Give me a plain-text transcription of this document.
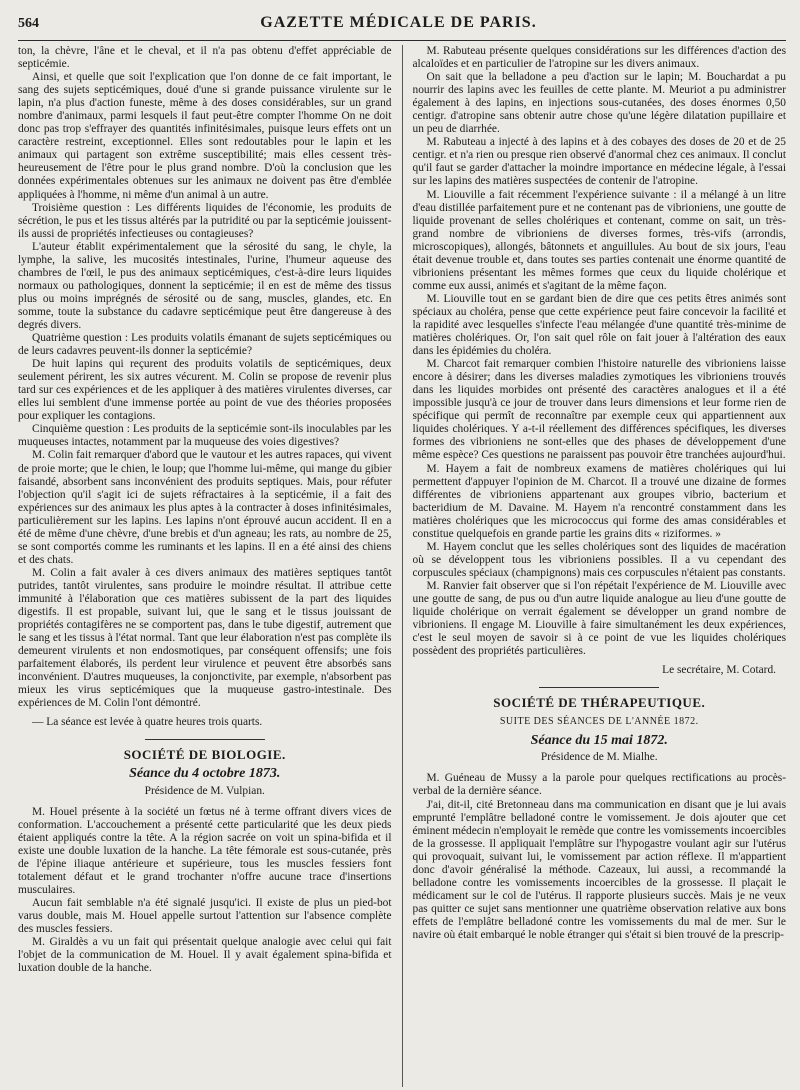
564	GAZETTE MÉDICALE DE PARIS.

ton, la chèvre, l'âne et le cheval, et il n'a pas obtenu d'effet appréciable de septicémie.

Ainsi, et quelle que soit l'explication que l'on donne de ce fait important, le sang des sujets septicémiques, doué d'une si grande puissance virulente sur le lapin, n'a plus d'action funeste, même à des doses considérables, sur un grand nombre d'animaux, parmi lesquels il faut peut-être compter l'homme On ne doit donc pas trop s'effrayer des quantités infinitésimales, puisque leurs effets ont un caractère restreint, exceptionnel. Elles sont redoutables pour le lapin et les animaux qui partagent son extrême susceptibilité; mais elles cessent très-heureusement de l'être pour le plus grand nombre. D'où la conclusion que les données expérimentales obtenues sur les animaux ne doivent pas être d'emblée appliquées à l'homme, ni même d'un animal à un autre.

Troisième question : Les différents liquides de l'économie, les produits de sécrétion, le pus et les tissus altérés par la putridité ou par la septicémie jouissent-ils aussi de propriétés infectieuses ou contagieuses?

L'auteur établit expérimentalement que la sérosité du sang, le chyle, la lymphe, la salive, les mucosités intestinales, l'urine, l'humeur aqueuse des chambres de l'œil, le pus des animaux septicémiques, c'est-à-dire leurs liquides normaux ou pathologiques, donnent la septicémie; il en est de même des tissus plus ou moins imprégnés de sérosité ou de sang, muscles, glandes, etc. En somme, toute la substance du cadavre septicémique peut être dangereuse à des degrés divers.

Quatrième question : Les produits volatils émanant de sujets septicémiques ou de leurs cadavres peuvent-ils donner la septicémie?

De huit lapins qui reçurent des produits volatils de septicémiques, deux seulement périrent, les six autres vécurent. M. Colin se propose de revenir plus tard sur ces expériences et de les appliquer à des matières virulentes diverses, car elles lui semblent d'une immense portée au point de vue des théories proposées pour expliquer les contagions.

Cinquième question : Les produits de la septicémie sont-ils inoculables par les muqueuses intactes, notamment par la muqueuse des voies digestives?

M. Colin fait remarquer d'abord que le vautour et les autres rapaces, qui vivent de proie morte; que le chien, le loup; que l'homme lui-même, qui mange du gibier faisandé, absorbent sans inconvénient des produits septiques. Mais, pour réfuter l'objection qu'il s'agit ici de sujets réfractaires à la septicémie, il a fait des expériences sur des animaux les plus aptes à la contracter à doses infinitésimales, particulièrement sur les lapins. Les lapins n'ont éprouvé aucun accident. Il en a été de même d'une chèvre, d'une brebis et d'un agneau; les rats, au nombre de 25, se sont comportés comme les ruminants et les lapins. Il en a été ainsi des chiens et des chats.

M. Colin a fait avaler à ces divers animaux des matières septiques tantôt putrides, tantôt virulentes, sans produire le moindre résultat. Il attribue cette immunité à l'élaboration que ces matières subissent de la part des liquides digestifs. Il est propable, suivant lui, que le sang et le tissus jouissant de propriétés contagifères ne se comportent pas, dans le tube digestif, autrement que le sang et les tissus à l'état normal. Tant que leur élaboration n'est pas complète ils demeurent virulents et non endosmotiques, par conséquent offensifs; une fois parfaitement élaborés, ils perdent leur virulence et peuvent être absorbés sans inconvénient. D'autres muqueuses, la conjonctivite, par exemple, n'absorbent pas mieux les virus septicémiques que la muqueuse gastro-intestinale. Des expériences de M. Colin l'ont démontré.

— La séance est levée à quatre heures trois quarts.

SOCIÉTÉ DE BIOLOGIE.
Séance du 4 octobre 1873.
Présidence de M. Vulpian.

M. Houel présente à la société un fœtus né à terme offrant divers vices de conformation. L'accouchement a présenté cette particularité que les deux pieds étaient appliqués contre la tête. A la région sacrée on voit un spina-bifida et il existe une double luxation de la hanche. La tête fémorale est sous-cutanée, près de l'épine iliaque antérieure et supérieure, tous les muscles fessiers font totalement défaut et le grand trochanter n'offre aucune trace d'insertions musculaires.

Aucun fait semblable n'a été signalé jusqu'ici. Il existe de plus un pied-bot varus double, mais M. Houel appelle surtout l'attention sur l'absence complète des muscles fessiers.

M. Giraldès a vu un fait qui présentait quelque analogie avec celui qui fait l'objet de la communication de M. Houel. Il y avait également spina-bifida et luxation double de la hanche.

M. Rabuteau présente quelques considérations sur les différences d'action des alcaloïdes et en particulier de l'atropine sur les divers animaux.

On sait que la belladone a peu d'action sur le lapin; M. Bouchardat a pu nourrir des lapins avec les feuilles de cette plante. M. Meuriot a pu administrer également à des lapins, en injections sous-cutanées, des doses énormes 0,50 centigr. d'atropine sans obtenir autre chose qu'une légère dilatation pupillaire et un peu de diarrhée.

M. Rabuteau a injecté à des lapins et à des cobayes des doses de 20 et de 25 centigr. et n'a rien ou presque rien observé d'anormal chez ces animaux. Il conclut qu'il faut se garder d'attacher la moindre importance en médecine légale, à l'essai sur les lapins des matières suspectées de contenir de l'atropine.

M. Liouville a fait récemment l'expérience suivante : il a mélangé à un litre d'eau distillée parfaitement pure et ne contenant pas de vibrioniens, une goutte de liquide provenant de selles cholériques et contenant, comme on sait, un très-grand nombre de vibrioniens de diverses formes, très-vifs (arrondis, microscopiques), allongés, bâtonnets et anguillules. Au bout de six jours, l'eau était devenue trouble et, dans toutes ses parties contenait une énorme quantité de vibrioniens présentant les mêmes formes que ceux du liquide cholérique et comme eux aussi, animés et s'agitant de la même façon.

M. Liouville tout en se gardant bien de dire que ces petits êtres animés sont spéciaux au choléra, pense que cette expérience peut faire concevoir la facilité et la rapidité avec lesquelles s'infecte l'eau mélangée d'une quantité très-minime de matières cholériques. Or, l'on sait quel rôle on fait jouer à l'altération des eaux dans les épidémies du choléra.

M. Charcot fait remarquer combien l'histoire naturelle des vibrioniens laisse encore à désirer; dans les diverses maladies zymotiques les vibrioniens trouvés dans les liquides morbides ont présenté des caractères analogues et il a été impossible jusqu'à ce jour de trouver dans leurs dimensions et leur forme rien de spécifique qui permît de reconnaître par exemple ceux qui appartiennent aux liquides cholériques. Y a-t-il réellement des différences spécifiques, les diverses formes des vibrioniens ne sont-elles que des phases de développement d'une même espèce? Ces questions ne paraissent pas pouvoir être tranchées aujourd'hui.

M. Hayem a fait de nombreux examens de matières cholériques qui lui permettent d'appuyer l'opinion de M. Charcot. Il a trouvé une dizaine de formes différentes de vibrioniens appartenant aux groupes vibrio, bacterium et bacteridium de M. Davaine. M. Hayem n'a rencontré constamment dans les matières cholériques que les micrococcus qui forme des amas considérables et constitue quelquefois en grande partie les grains dits « riziformes. »

M. Hayem conclut que les selles cholériques sont des liquides de macération où se développent tous les vibrioniens possibles. Il a vu cependant des corpuscules spéciaux (champignons) mais ces corpuscules n'étaient pas constants.

M. Ranvier fait observer que si l'on répétait l'expérience de M. Liouville avec une goutte de sang, de pus ou d'un autre liquide analogue au lieu d'une goutte de liquide cholérique on verrait également se développer un grand nombre de vibrioniens. Il engage M. Liouville à faire simultanément les deux expériences, c'est le seul moyen de savoir si à ce point de vue les liquides cholériques possèdent des propriétés particulières.

Le secrétaire, M. Cotard.
SOCIÉTÉ DE THÉRAPEUTIQUE.
SUITE DES SÉANCES DE L'ANNÉE 1872.
Séance du 15 mai 1872.
Présidence de M. Mialhe.

M. Guéneau de Mussy a la parole pour quelques rectifications au procès-verbal de la dernière séance.

J'ai, dit-il, cité Bretonneau dans ma communication en disant que je lui avais emprunté l'emplâtre belladoné contre le vomissement. Je dois ajouter que cet éminent médecin n'employait le remède que contre les vomissements incoercibles de la grossesse. Il appliquait l'emplâtre sur l'hypogastre voulant agir sur l'utérus qui provoquait, suivant lui, le vomissement par action réflexe. Il m'appartient donc d'avoir généralisé la méthode. Cazeaux, lui aussi, a recommandé la belladone contre les vomissements incoercibles de la grossesse. Il plaçait le médicament sur le col de l'utérus. Il rapporte plusieurs succès. Mais je ne veux pas quitter ce sujet sans mentionner une quatrième observation relative aux bons effets de l'emplâtre belladoné contre les vomissements du mal de mer. Sur le navire où était embarqué le noble étranger qui s'était si bien trouvé de la prescrip-
